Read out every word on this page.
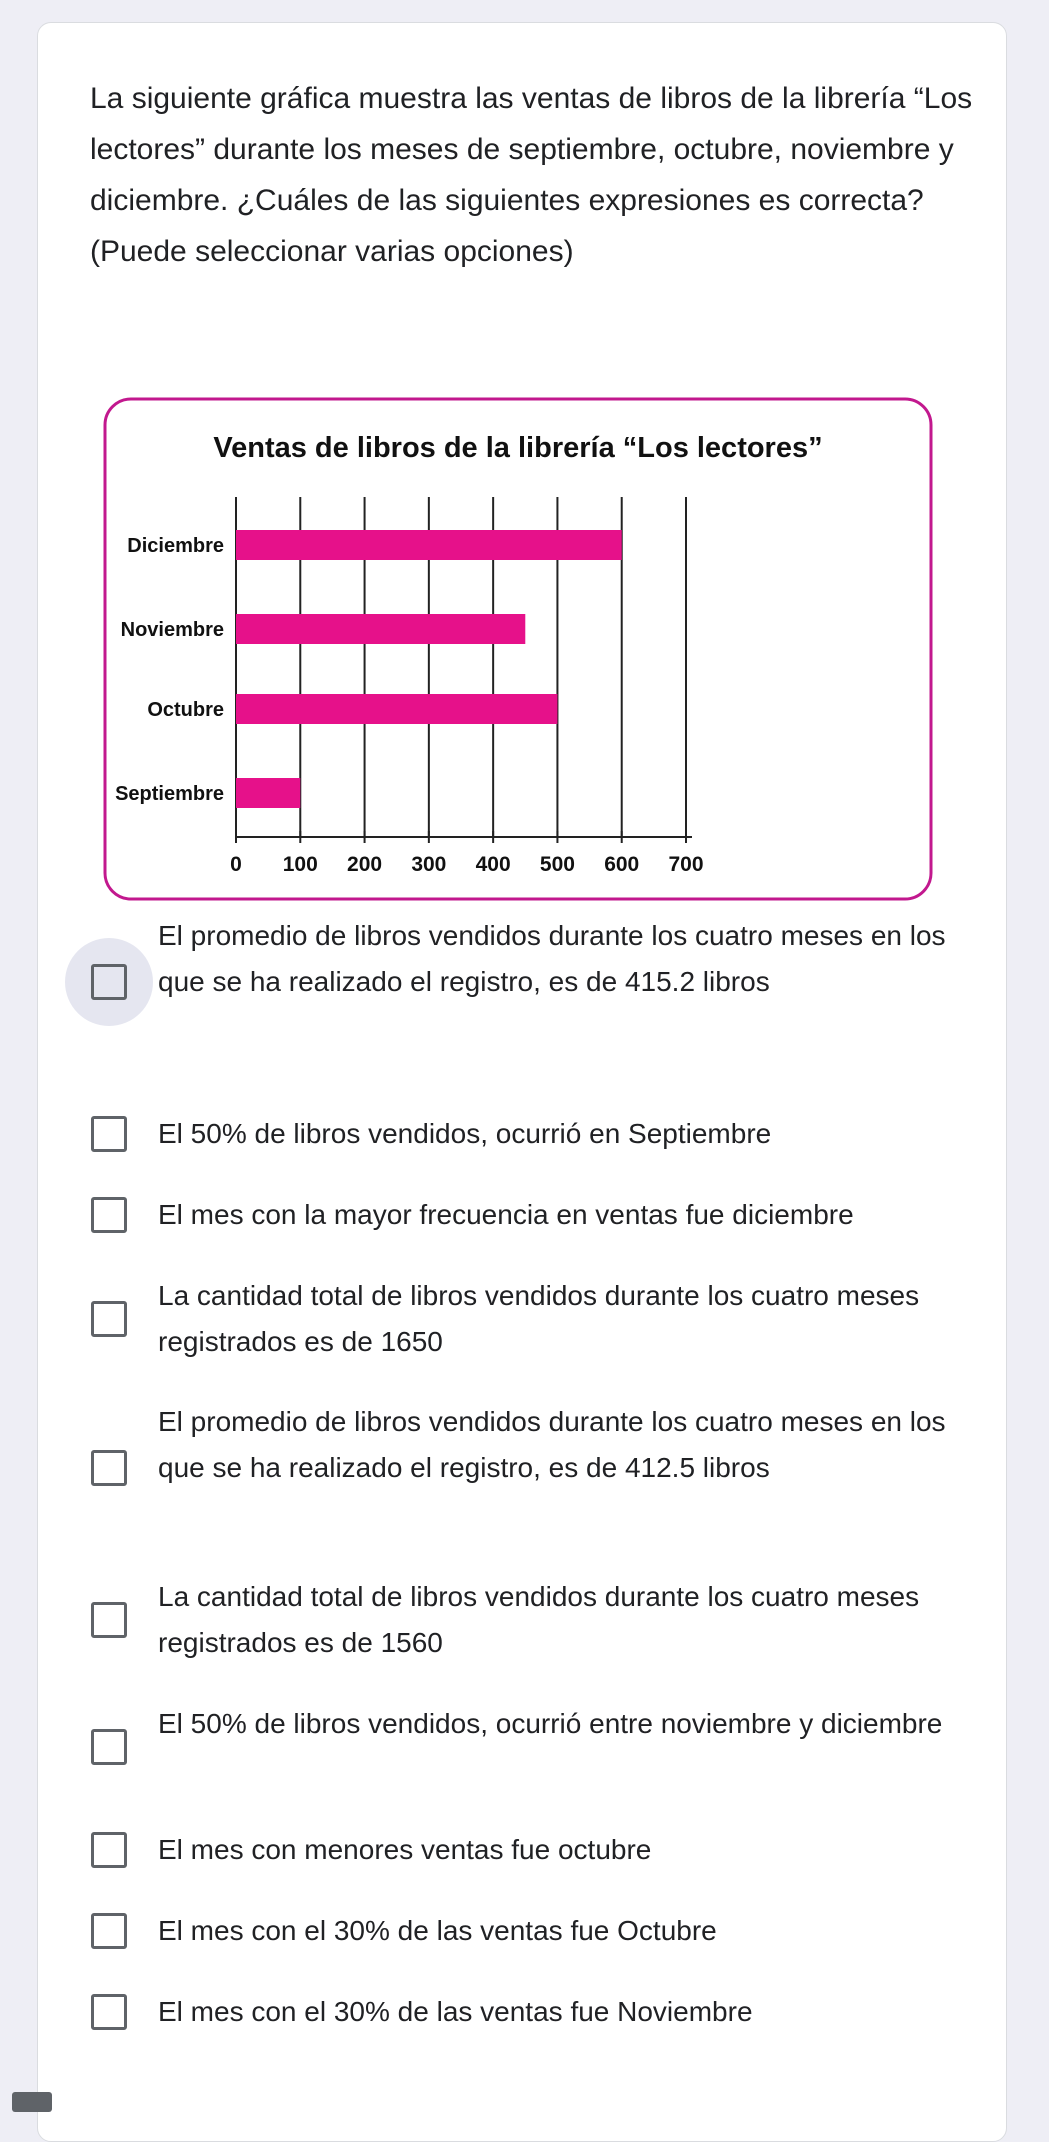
La siguiente gráfica muestra las ventas de libros de la librería “Los lectores” durante los meses de septiembre, octubre, noviembre y diciembre. ¿Cuáles de las siguientes expresiones es correcta? (Puede seleccionar varias opciones)

Ventas de libros de la librería “Los lectores”
Diciembre
Noviembre
Octubre
Septiembre
0 100 200 300 400 500 600 700
El promedio de libros vendidos durante los cuatro meses en los que se ha realizado el registro, es de 415.2 libros
El 50% de libros vendidos, ocurrió en Septiembre
El mes con la mayor frecuencia en ventas fue diciembre
La cantidad total de libros vendidos durante los cuatro meses registrados es de 1650
El promedio de libros vendidos durante los cuatro meses en los que se ha realizado el registro, es de 412.5 libros
La cantidad total de libros vendidos durante los cuatro meses registrados es de 1560
El 50% de libros vendidos, ocurrió entre noviembre y diciembre
El mes con menores ventas fue octubre
El mes con el 30% de las ventas fue Octubre
El mes con el 30% de las ventas fue Noviembre
